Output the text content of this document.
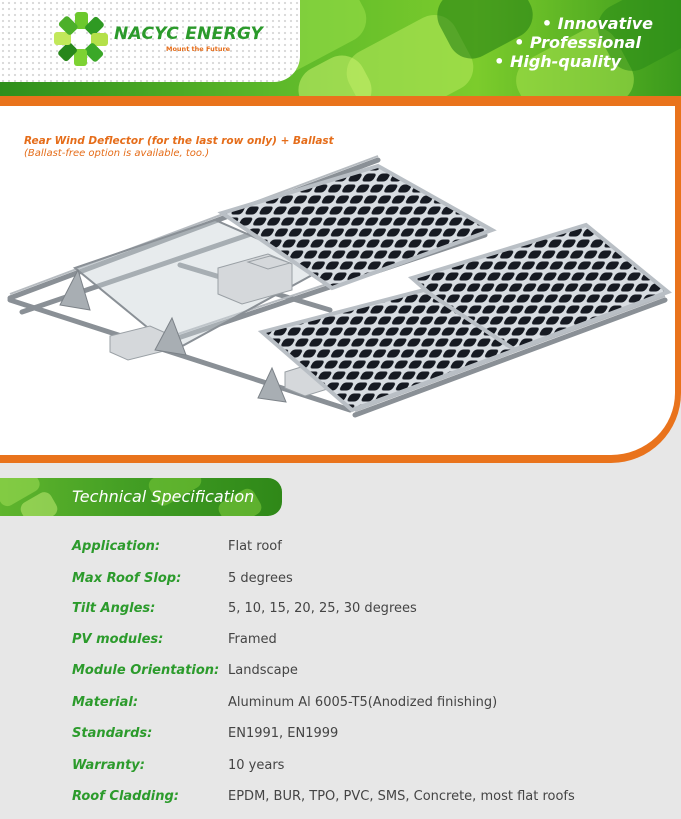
NACYC ENERGY
Mount the Future
• Innovative
• Professional
• High-quality
Rear Wind Deflector (for the last row only) + Ballast
(Ballast-free option is available, too.)
Technical Specification
Application:	Flat roof
Max Roof Slop:	5 degrees
Tilt Angles:	5, 10, 15, 20, 25, 30 degrees
PV modules:	Framed
Module Orientation: Landscape
Material:	Aluminum Al 6005-T5(Anodized finishing)
Standards:	EN1991, EN1999
Warranty:	10 years
Roof Cladding:	EPDM, BUR, TPO, PVC, SMS, Concrete, most flat roofs
